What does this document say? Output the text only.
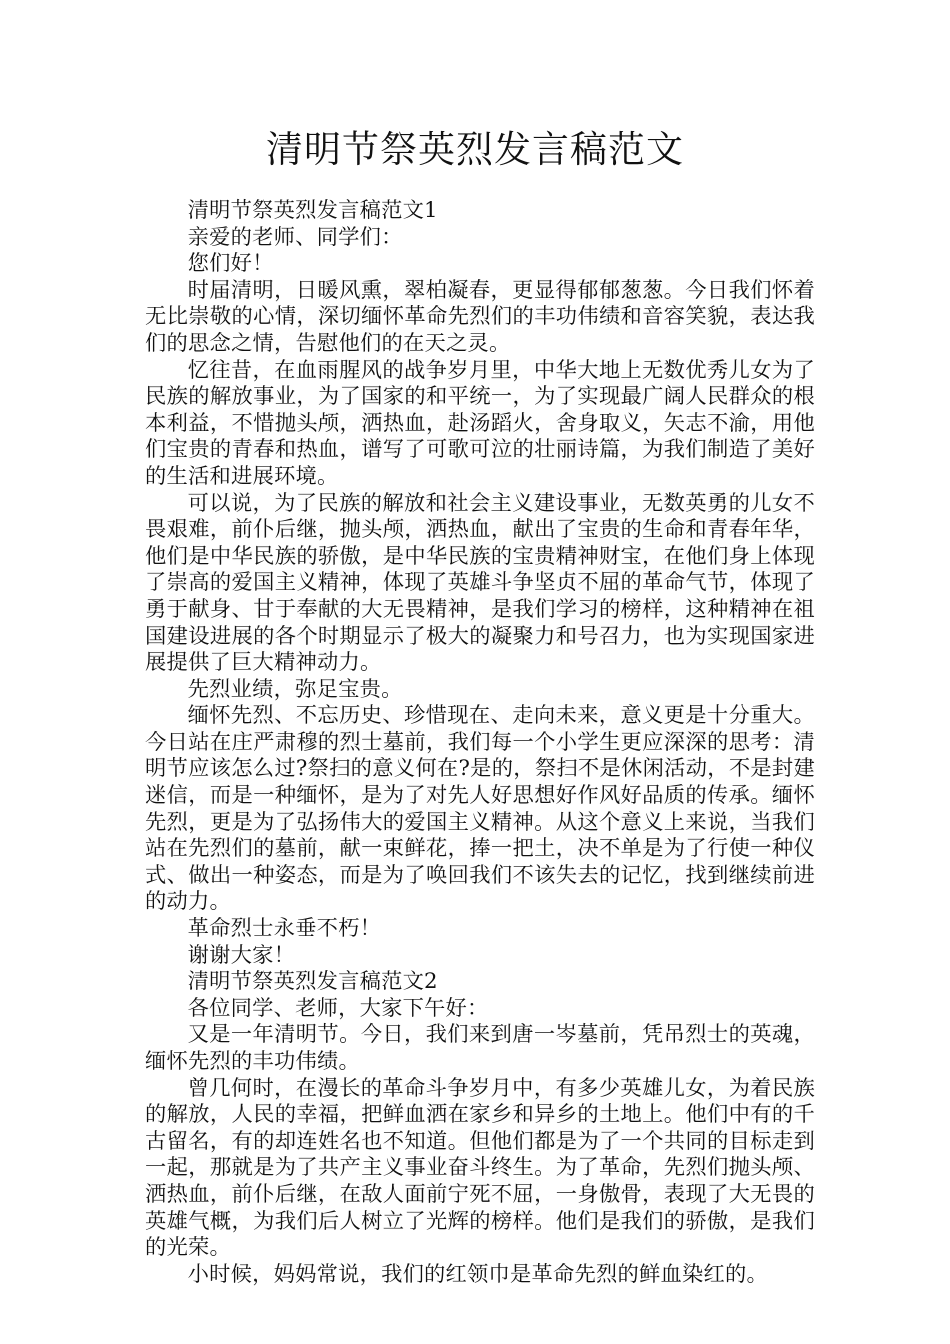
清明节祭英烈发言稿范文

清明节祭英烈发言稿范文1

亲爱的老师、同学们：

您们好！

时届清明，日暖风熏，翠柏凝春，更显得郁郁葱葱。今日我们怀着无比崇敬的心情，深切缅怀革命先烈们的丰功伟绩和音容笑貌，表达我们的思念之情，告慰他们的在天之灵。

忆往昔，在血雨腥风的战争岁月里，中华大地上无数优秀儿女为了民族的解放事业，为了国家的和平统一，为了实现最广阔人民群众的根本利益，不惜抛头颅，洒热血，赴汤蹈火，舍身取义，矢志不渝，用他们宝贵的青春和热血，谱写了可歌可泣的壮丽诗篇，为我们制造了美好的生活和进展环境。

可以说，为了民族的解放和社会主义建设事业，无数英勇的儿女不畏艰难，前仆后继，抛头颅，洒热血，献出了宝贵的生命和青春年华，他们是中华民族的骄傲，是中华民族的宝贵精神财宝，在他们身上体现了崇高的爱国主义精神，体现了英雄斗争坚贞不屈的革命气节，体现了勇于献身、甘于奉献的大无畏精神，是我们学习的榜样，这种精神在祖国建设进展的各个时期显示了极大的凝聚力和号召力，也为实现国家进展提供了巨大精神动力。

先烈业绩，弥足宝贵。

缅怀先烈、不忘历史、珍惜现在、走向未来，意义更是十分重大。今日站在庄严肃穆的烈士墓前，我们每一个小学生更应深深的思考：清明节应该怎么过?祭扫的意义何在?是的，祭扫不是休闲活动，不是封建迷信，而是一种缅怀，是为了对先人好思想好作风好品质的传承。缅怀先烈，更是为了弘扬伟大的爱国主义精神。从这个意义上来说，当我们站在先烈们的墓前，献一束鲜花，捧一把土，决不单是为了行使一种仪式、做出一种姿态，而是为了唤回我们不该失去的记忆，找到继续前进的动力。

革命烈士永垂不朽！

谢谢大家！

清明节祭英烈发言稿范文2

各位同学、老师，大家下午好：

又是一年清明节。今日，我们来到唐一岑墓前，凭吊烈士的英魂，缅怀先烈的丰功伟绩。

曾几何时，在漫长的革命斗争岁月中，有多少英雄儿女，为着民族的解放，人民的幸福，把鲜血洒在家乡和异乡的土地上。他们中有的千古留名，有的却连姓名也不知道。但他们都是为了一个共同的目标走到一起，那就是为了共产主义事业奋斗终生。为了革命，先烈们抛头颅、洒热血，前仆后继，在敌人面前宁死不屈，一身傲骨，表现了大无畏的英雄气概，为我们后人树立了光辉的榜样。他们是我们的骄傲，是我们的光荣。

小时候，妈妈常说，我们的红领巾是革命先烈的鲜血染红的。
